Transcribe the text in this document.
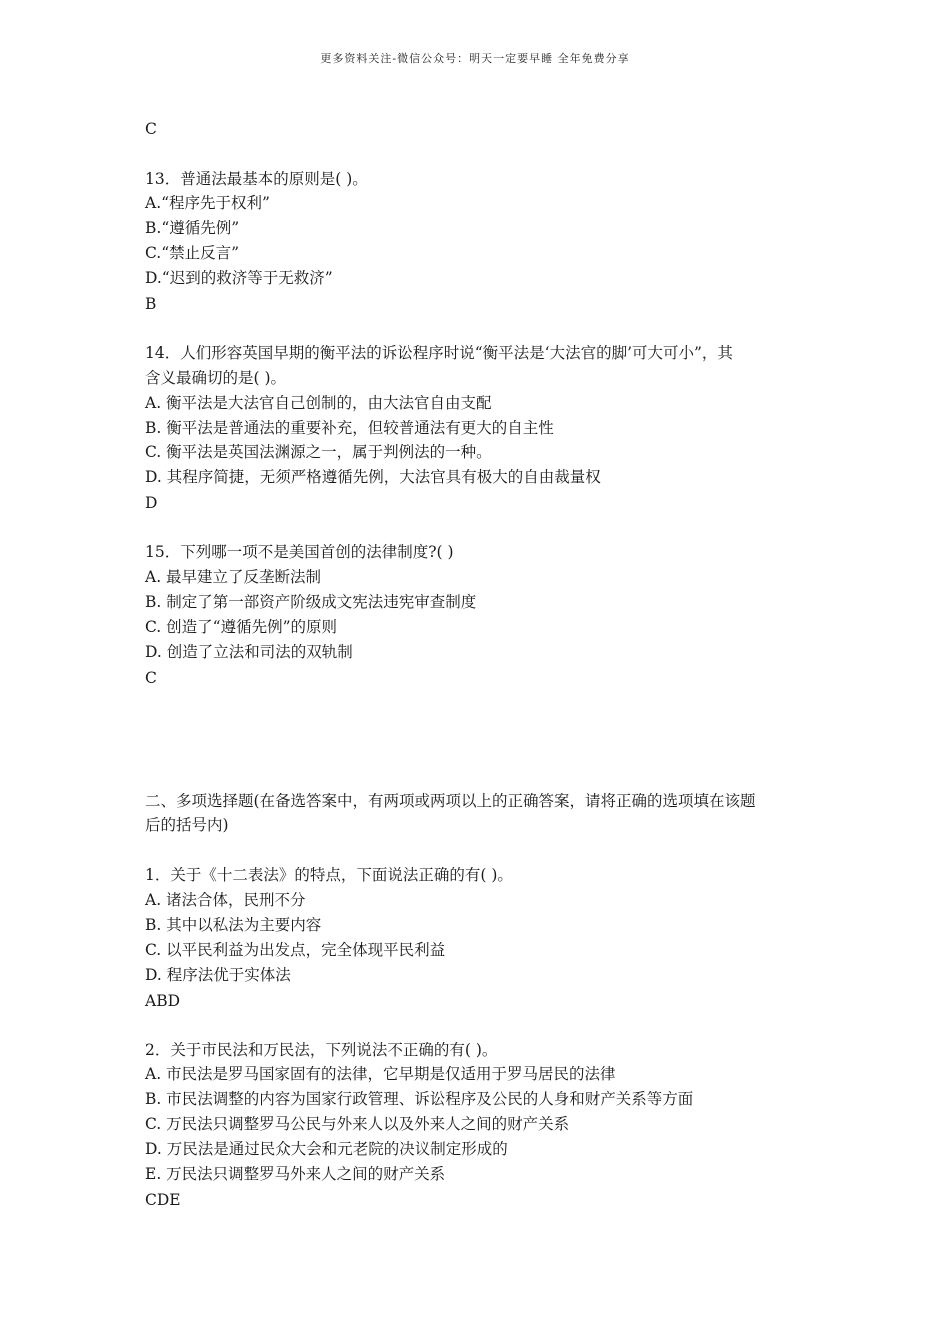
更多资料关注-微信公众号：明天一定要早睡 全年免费分享
C
13．普通法最基本的原则是( )。
A.“程序先于权利”
B.“遵循先例”
C.“禁止反言”
D.“迟到的救济等于无救济”
B
14．人们形容英国早期的衡平法的诉讼程序时说“衡平法是‘大法官的脚’可大可小”，其
含义最确切的是( )。
A. 衡平法是大法官自己创制的，由大法官自由支配
B. 衡平法是普通法的重要补充，但较普通法有更大的自主性
C. 衡平法是英国法渊源之一，属于判例法的一种。
D. 其程序简捷，无须严格遵循先例，大法官具有极大的自由裁量权
D
15．下列哪一项不是美国首创的法律制度?( )
A. 最早建立了反垄断法制
B. 制定了第一部资产阶级成文宪法违宪审查制度
C. 创造了“遵循先例”的原则
D. 创造了立法和司法的双轨制
C
二、多项选择题(在备选答案中，有两项或两项以上的正确答案，请将正确的选项填在该题
后的括号内)
1．关于《十二表法》的特点，下面说法正确的有( )。
A. 诸法合体，民刑不分
B. 其中以私法为主要内容
C. 以平民利益为出发点，完全体现平民利益
D. 程序法优于实体法
ABD
2．关于市民法和万民法，下列说法不正确的有( )。
A. 市民法是罗马国家固有的法律，它早期是仅适用于罗马居民的法律
B. 市民法调整的内容为国家行政管理、诉讼程序及公民的人身和财产关系等方面
C. 万民法只调整罗马公民与外来人以及外来人之间的财产关系
D. 万民法是通过民众大会和元老院的决议制定形成的
E. 万民法只调整罗马外来人之间的财产关系
CDE
